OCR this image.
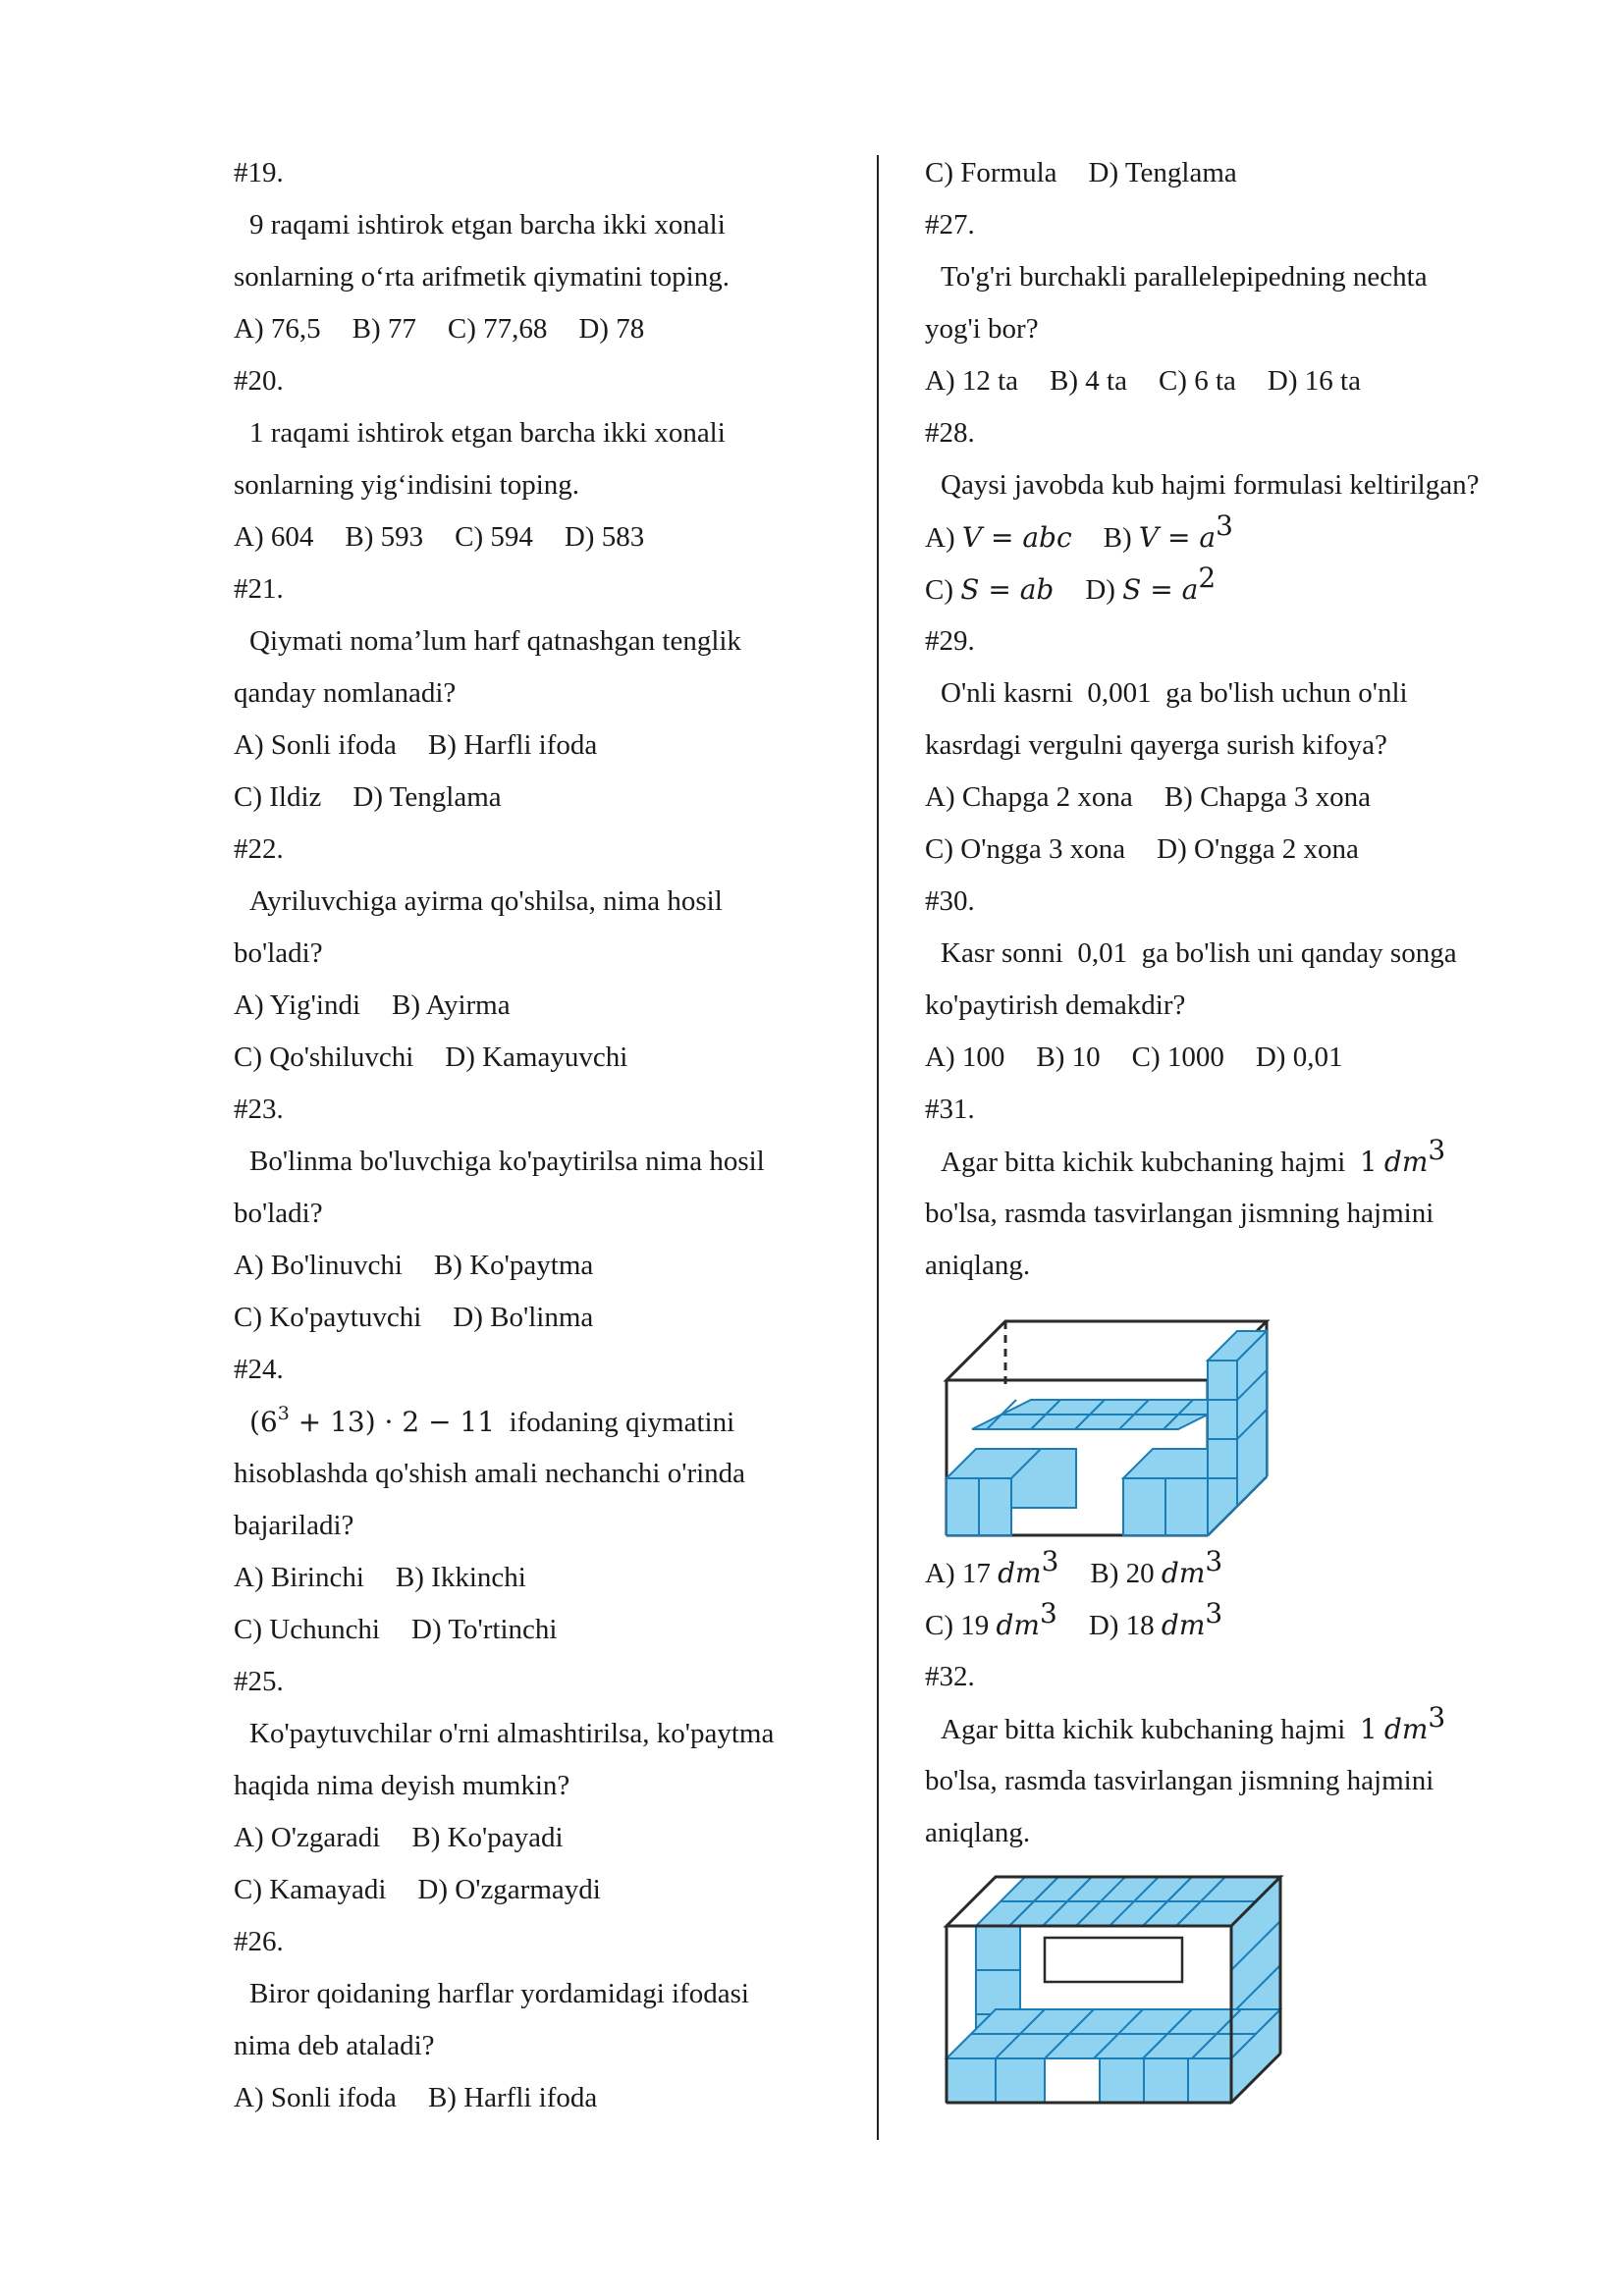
#19.
9 raqami ishtirok etgan barcha ikki xonali
sonlarning o‘rta arifmetik qiymatini toping.
A) 76,5 B) 77 C) 77,68 D) 78
#20.
1 raqami ishtirok etgan barcha ikki xonali
sonlarning yig‘indisini toping.
A) 604 B) 593 C) 594 D) 583
#21.
Qiymati noma’lum harf qatnashgan tenglik
qanday nomlanadi?
A) Sonli ifoda B) Harfli ifoda
C) Ildiz D) Tenglama
#22.
Ayriluvchiga ayirma qo'shilsa, nima hosil
bo'ladi?
A) Yig'indi B) Ayirma
C) Qo'shiluvchi D) Kamayuvchi
#23.
Bo'linma bo'luvchiga ko'paytirilsa nima hosil
bo'ladi?
A) Bo'linuvchi B) Ko'paytma
C) Ko'paytuvchi D) Bo'linma
#24.
$(6^3 + 13) \cdot 2 - 11$ ifodaning qiymatini
hisoblashda qo'shish amali nechanchi o'rinda
bajariladi?
A) Birinchi B) Ikkinchi
C) Uchunchi D) To'rtinchi
#25.
Ko'paytuvchilar o'rni almashtirilsa, ko'paytma
haqida nima deyish mumkin?
A) O'zgaradi B) Ko'payadi
C) Kamayadi D) O'zgarmaydi
#26.
Biror qoidaning harflar yordamidagi ifodasi
nima deb ataladi?
A) Sonli ifoda B) Harfli ifoda
C) Formula D) Tenglama
#27.
To'g'ri burchakli parallelepipedning nechta
yog'i bor?
A) 12 ta B) 4 ta C) 6 ta D) 16 ta
#28.
Qaysi javobda kub hajmi formulasi keltirilgan?
A) V = abc B) $V = a^3$
C) S = ab D) $S = a^2$
#29.
O'nli kasrni 0,001 ga bo'lish uchun o'nli
kasrdagi vergulni qayerga surish kifoya?
A) Chapga 2 xona B) Chapga 3 xona
C) O'ngga 3 xona D) O'ngga 2 xona
#30.
Kasr sonni 0,01 ga bo'lish uni qanday songa
ko'paytirish demakdir?
A) 100 B) 10 C) 1000 D) 0,01
#31.
Agar bitta kichik kubchaning hajmi 1 $dm^3$
bo'lsa, rasmda tasvirlangan jismning hajmini
aniqlang.
A) 17 $dm^3$ B) 20 $dm^3$
C) 19 $dm^3$ D) 18 $dm^3$
#32.
Agar bitta kichik kubchaning hajmi 1 $dm^3$
bo'lsa, rasmda tasvirlangan jismning hajmini
aniqlang.
